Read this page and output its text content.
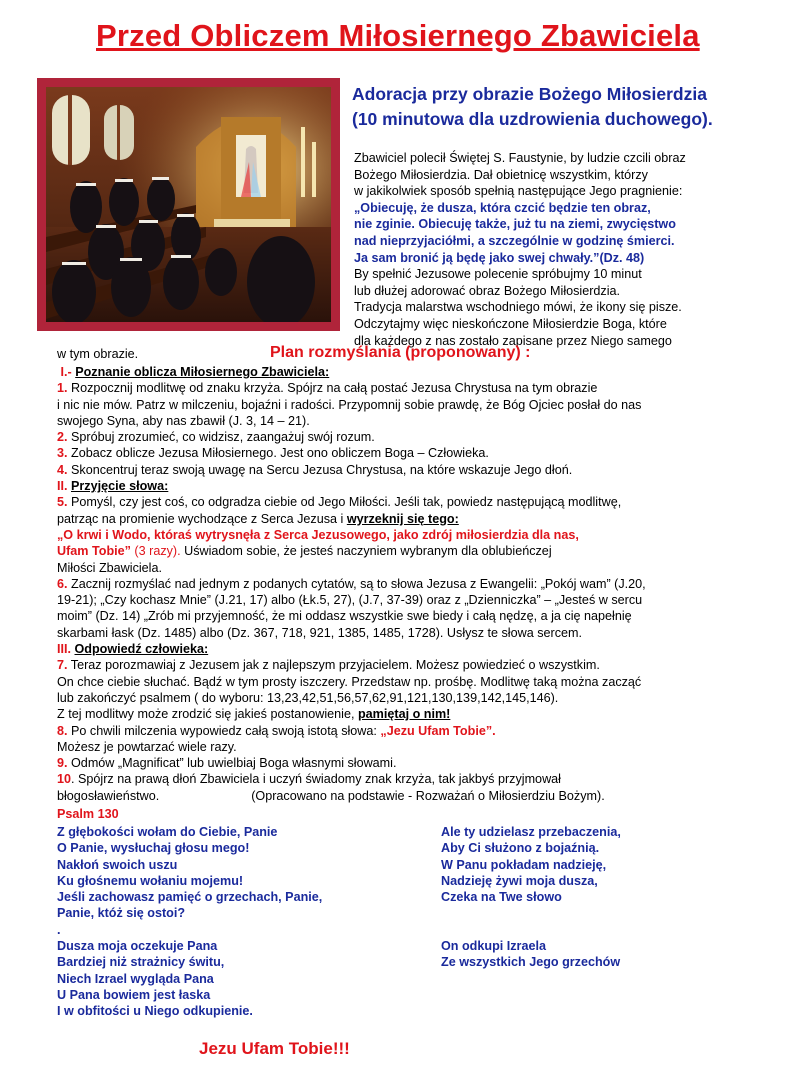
Przed Obliczem Miłosiernego Zbawiciela
Adoracja przy obrazie Bożego Miłosierdzia
(10 minutowa dla uzdrowienia duchowego).
Zbawiciel polecił Świętej S. Faustynie, by ludzie czcili obraz
Bożego Miłosierdzia. Dał obietnicę wszystkim, którzy
w jakikolwiek sposób spełnią następujące Jego pragnienie:
„Obiecuję, że dusza, która czcić będzie ten obraz,
nie zginie. Obiecuję także, już tu na ziemi, zwycięstwo
nad nieprzyjaciółmi, a szczególnie w godzinę śmierci.
Ja sam bronić ją będę jako swej chwały.”(Dz. 48)
By spełnić Jezusowe polecenie spróbujmy 10 minut
lub dłużej adorować obraz Bożego Miłosierdzia.
Tradycja malarstwa wschodniego mówi, że ikony się pisze.
Odczytajmy więc nieskończone Miłosierdzie Boga, które
dla każdego z nas zostało zapisane przez Niego samego
w tym obrazie.	Plan rozmyślania (proponowany) :
I.- Poznanie oblicza Miłosiernego Zbawiciela:
1. Rozpocznij modlitwę od znaku krzyża. Spójrz na całą postać Jezusa Chrystusa na tym obrazie
i nic nie mów. Patrz w milczeniu, bojaźni i radości. Przypomnij sobie prawdę, że Bóg Ojciec posłał do nas
swojego Syna, aby nas zbawił (J. 3, 14 – 21).
2. Spróbuj zrozumieć, co widzisz, zaangażuj swój rozum.
3. Zobacz oblicze Jezusa Miłosiernego. Jest ono obliczem Boga – Człowieka.
4. Skoncentruj teraz swoją uwagę na Sercu Jezusa Chrystusa, na które wskazuje Jego dłoń.
II. Przyjęcie słowa:
5. Pomyśl, czy jest coś, co odgradza ciebie od Jego Miłości. Jeśli tak, powiedz następującą modlitwę,
patrząc na promienie wychodzące z Serca Jezusa i wyrzeknij się tego:
„O krwi i Wodo, któraś wytrysnęła z Serca Jezusowego, jako zdrój miłosierdzia dla nas,
Ufam Tobie” (3 razy). Uświadom sobie, że jesteś naczyniem wybranym dla oblubieńczej
Miłości Zbawiciela.
6. Zacznij rozmyślać nad jednym z podanych cytatów, są to słowa Jezusa z Ewangelii: „Pokój wam” (J.20,
19-21); „Czy kochasz Mnie” (J.21, 17) albo (Łk.5, 27), (J.7, 37-39) oraz z „Dzienniczka” – „Jesteś w sercu
moim” (Dz. 14) „Zrób mi przyjemność, że mi oddasz wszystkie swe biedy i całą nędzę, a ja cię napełnię
skarbami łask (Dz. 1485) albo (Dz. 367, 718, 921, 1385, 1485, 1728). Usłysz te słowa sercem.
III. Odpowiedź człowieka:
7. Teraz porozmawiaj z Jezusem jak z najlepszym przyjacielem. Możesz powiedzieć o wszystkim.
On chce ciebie słuchać. Bądź w tym prosty iszczery. Przedstaw np. prośbę. Modlitwę taką można zacząć
lub zakończyć psalmem ( do wyboru: 13,23,42,51,56,57,62,91,121,130,139,142,145,146).
Z tej modlitwy może zrodzić się jakieś postanowienie, pamiętaj o nim!
8. Po chwili milczenia wypowiedz całą swoją istotą słowa: „Jezu Ufam Tobie”.
Możesz je powtarzać wiele razy.
9. Odmów „Magnificat” lub uwielbiaj Boga własnymi słowami.
10. Spójrz na prawą dłoń Zbawiciela i uczyń świadomy znak krzyża, tak jakbyś przyjmował
błogosławieństwo.	(Opracowano na podstawie - Rozważań o Miłosierdziu Bożym).
Psalm 130
Z głębokości wołam do Ciebie, Panie
O Panie, wysłuchaj głosu mego!
Nakłoń swoich uszu
Ku głośnemu wołaniu mojemu!
Jeśli zachowasz pamięć o grzechach, Panie,
Panie, któż się ostoi?
.
Dusza moja oczekuje Pana
Bardziej niż strażnicy świtu,
Niech Izrael wygląda Pana
U Pana bowiem jest łaska
I w obfitości u Niego odkupienie.
Ale ty udzielasz przebaczenia,
Aby Ci służono z bojaźnią.
W Panu pokładam nadzieję,
Nadzieję żywi moja dusza,
Czeka na Twe słowo
On odkupi Izraela
Ze wszystkich Jego grzechów
Jezu Ufam Tobie!!!
